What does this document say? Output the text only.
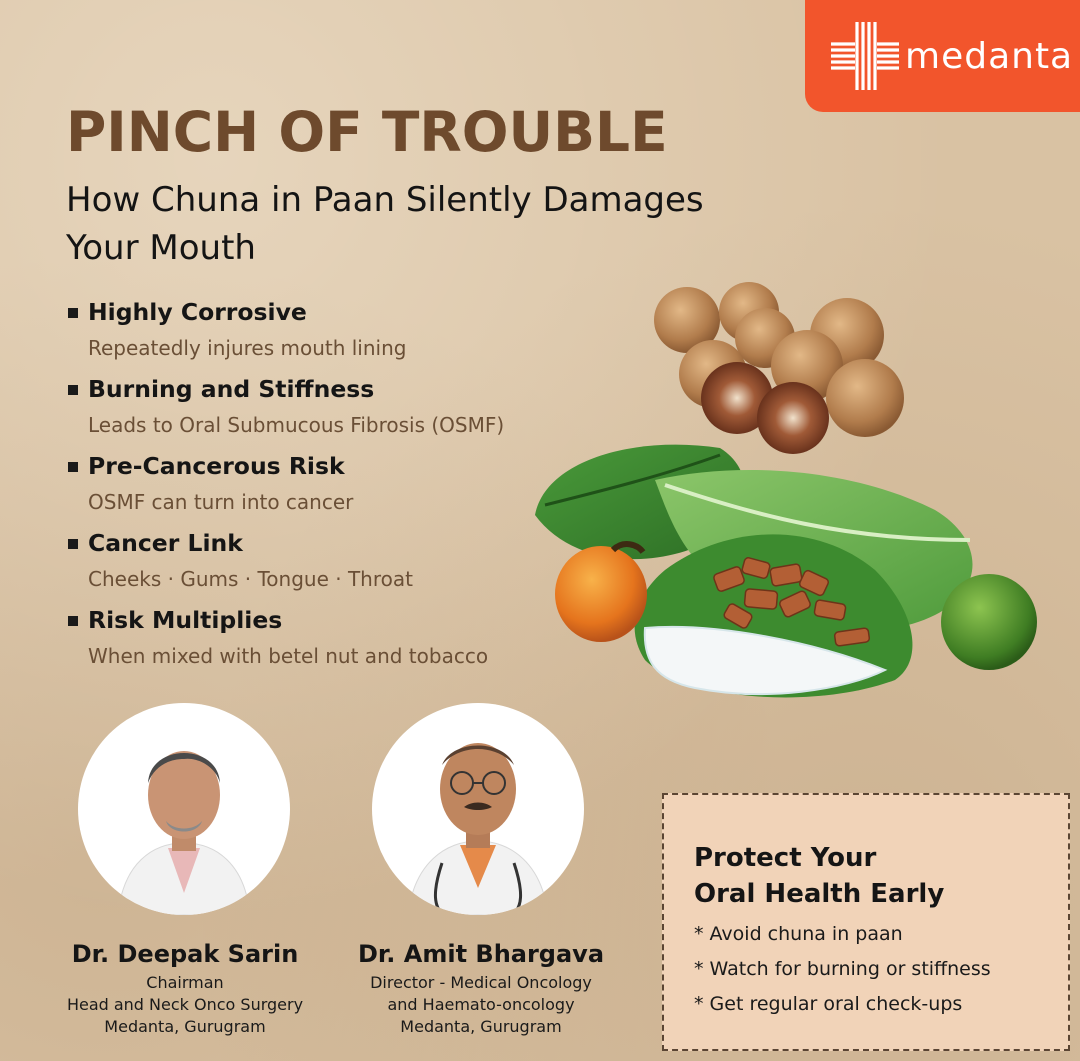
medanta
PINCH OF TROUBLE
How Chuna in Paan Silently Damages Your Mouth
Highly Corrosive
Repeatedly injures mouth lining
Burning and Stiffness
Leads to Oral Submucous Fibrosis (OSMF)
Pre-Cancerous Risk
OSMF can turn into cancer
Cancer Link
Cheeks · Gums · Tongue · Throat
Risk Multiplies
When mixed with betel nut and tobacco
Dr. Deepak Sarin
Chairman
Head and Neck Onco Surgery
Medanta, Gurugram
Dr. Amit Bhargava
Director - Medical Oncology
and Haemato-oncology
Medanta, Gurugram
Protect Your
Oral Health Early
* Avoid chuna in paan
* Watch for burning or stiffness
* Get regular oral check-ups
